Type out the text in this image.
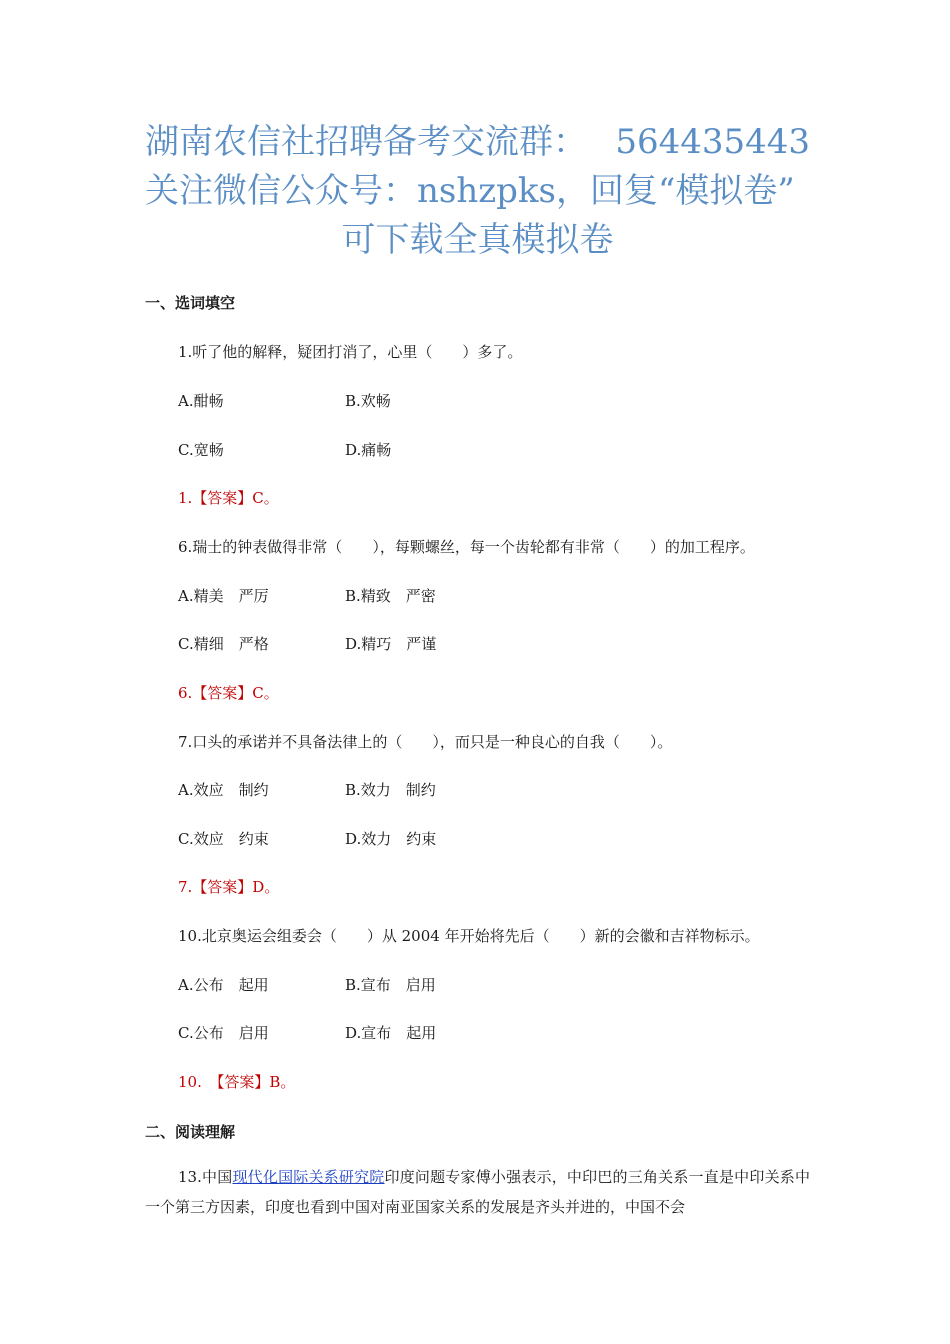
湖南农信社招聘备考交流群： 564435443
关注微信公众号：nshzpks，回复“模拟卷”
可下载全真模拟卷
一、选词填空
1.听了他的解释，疑团打消了，心里（　　）多了。
A.酣畅	B.欢畅
C.宽畅	D.痛畅
1.【答案】C。
6.瑞士的钟表做得非常（　　），每颗螺丝，每一个齿轮都有非常（　　）的加工程序。
A.精美　严厉	B.精致　严密
C.精细　严格	D.精巧　严谨
6.【答案】C。
7.口头的承诺并不具备法律上的（　　），而只是一种良心的自我（　　）。
A.效应　制约	B.效力　制约
C.效应　约束	D.效力　约束
7.【答案】D。
10.北京奥运会组委会（　　）从 2004 年开始将先后（　　）新的会徽和吉祥物标示。
A.公布　起用	B.宣布　启用
C.公布　启用	D.宣布　起用
10.　【答案】B。
二、阅读理解
13.中国现代化国际关系研究院印度问题专家傅小强表示，中印巴的三角关系一直是中印关系中一个第三方因素，印度也看到中国对南亚国家关系的发展是齐头并进的，中国不会
